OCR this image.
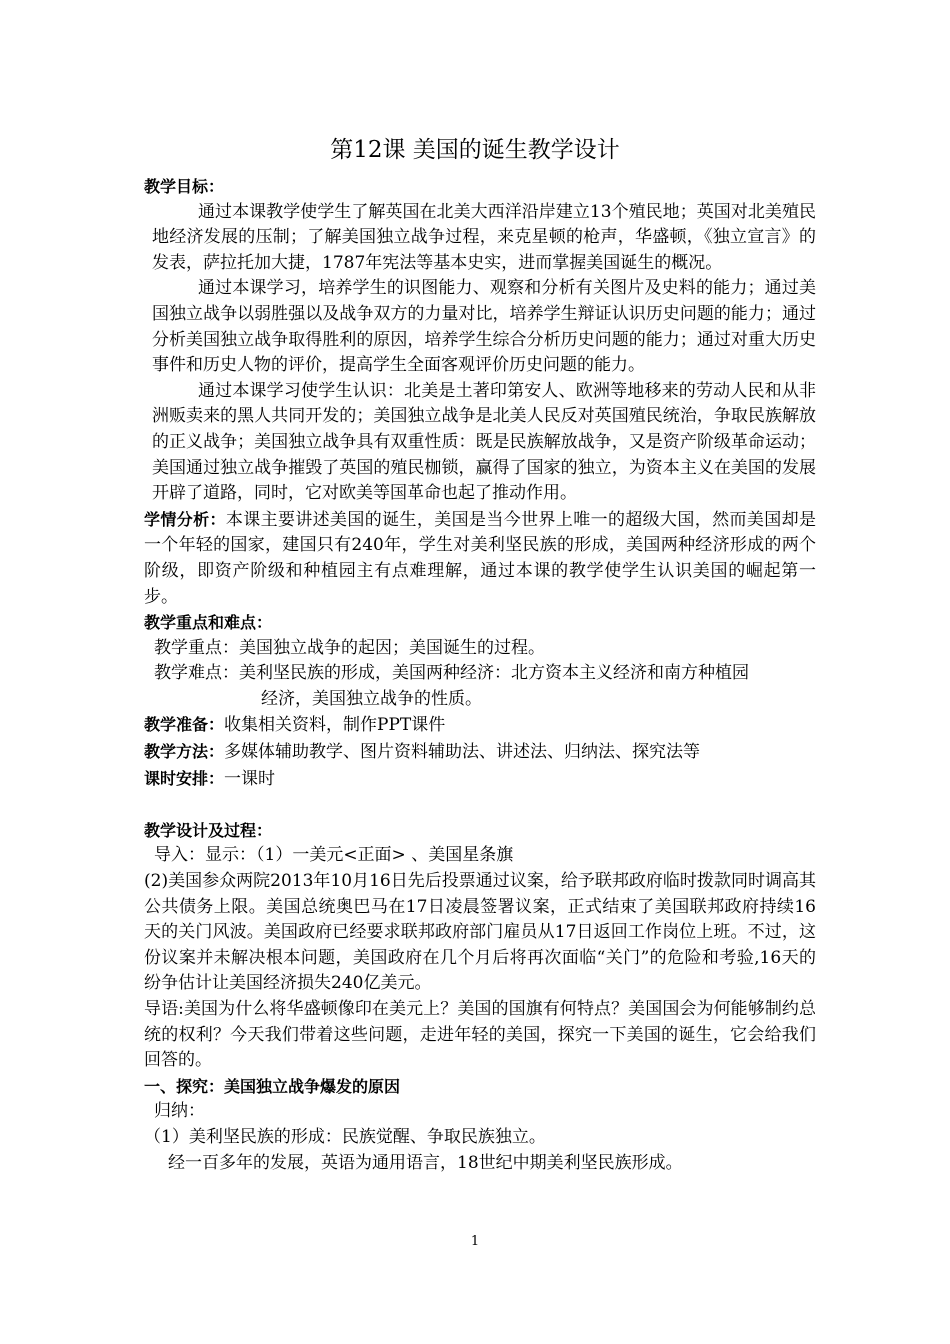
第12课 美国的诞生教学设计

教学目标：

通过本课教学使学生了解英国在北美大西洋沿岸建立13个殖民地；英国对北美殖民地经济发展的压制；了解美国独立战争过程，来克星顿的枪声，华盛顿，《独立宣言》的发表，萨拉托加大捷，1787年宪法等基本史实，进而掌握美国诞生的概况。

通过本课学习，培养学生的识图能力、观察和分析有关图片及史料的能力；通过美国独立战争以弱胜强以及战争双方的力量对比，培养学生辩证认识历史问题的能力；通过分析美国独立战争取得胜利的原因，培养学生综合分析历史问题的能力；通过对重大历史事件和历史人物的评价，提高学生全面客观评价历史问题的能力。

通过本课学习使学生认识：北美是土著印第安人、欧洲等地移来的劳动人民和从非洲贩卖来的黑人共同开发的；美国独立战争是北美人民反对英国殖民统治，争取民族解放的正义战争；美国独立战争具有双重性质：既是民族解放战争，又是资产阶级革命运动；美国通过独立战争摧毁了英国的殖民枷锁，赢得了国家的独立，为资本主义在美国的发展开辟了道路，同时，它对欧美等国革命也起了推动作用。

学情分析：本课主要讲述美国的诞生，美国是当今世界上唯一的超级大国，然而美国却是一个年轻的国家，建国只有240年，学生对美利坚民族的形成，美国两种经济形成的两个阶级，即资产阶级和种植园主有点难理解，通过本课的教学使学生认识美国的崛起第一步。

教学重点和难点：

教学重点：美国独立战争的起因；美国诞生的过程。

教学难点：美利坚民族的形成，美国两种经济：北方资本主义经济和南方种植园
经济，美国独立战争的性质。

教学准备：收集相关资料，制作PPT课件

教学方法：多媒体辅助教学、图片资料辅助法、讲述法、归纳法、探究法等

课时安排：一课时

教学设计及过程：

导入：显示：（1）一美元<正面> 、美国星条旗

(2)美国参众两院2013年10月16日先后投票通过议案，给予联邦政府临时拨款同时调高其公共债务上限。美国总统奥巴马在17日凌晨签署议案，正式结束了美国联邦政府持续16天的关门风波。美国政府已经要求联邦政府部门雇员从17日返回工作岗位上班。不过，这份议案并未解决根本问题，美国政府在几个月后将再次面临“关门”的危险和考验,16天的纷争估计让美国经济损失240亿美元。

导语:美国为什么将华盛顿像印在美元上？美国的国旗有何特点？美国国会为何能够制约总统的权利？今天我们带着这些问题，走进年轻的美国，探究一下美国的诞生，它会给我们回答的。

一、探究：美国独立战争爆发的原因

归纳：

（1）美利坚民族的形成：民族觉醒、争取民族独立。

经一百多年的发展，英语为通用语言，18世纪中期美利坚民族形成。

1
